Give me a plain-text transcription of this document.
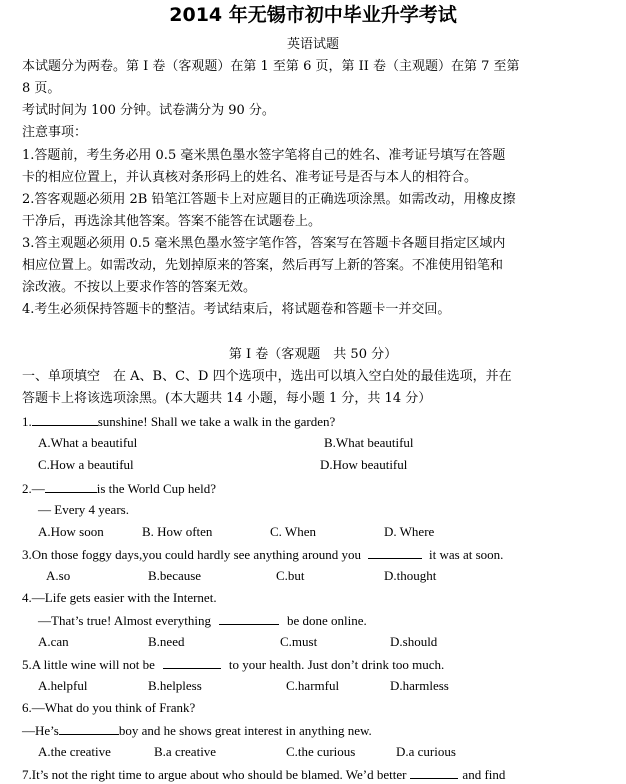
2014 年无锡市初中毕业升学考试
英语试题
本试题分为两卷。第 I 卷（客观题）在第 1 至第 6 页，第 II 卷（主观题）在第 7 至第
8 页。
考试时间为 100 分钟。试卷满分为 90 分。
注意事项：
1.答题前，考生务必用 0.5 毫米黑色墨水签字笔将自己的姓名、准考证号填写在答题
卡的相应位置上，并认真核对条形码上的姓名、准考证号是否与本人的相符合。
2.答客观题必须用 2B 铅笔江答题卡上对应题目的正确选项涂黑。如需改动，用橡皮擦
干净后，再选涂其他答案。答案不能答在试题卷上。
3.答主观题必须用 0.5 毫米黑色墨水签字笔作答，答案写在答题卡各题目指定区域内
相应位置上。如需改动，先划掉原来的答案，然后再写上新的答案。不准使用铅笔和
涂改液。不按以上要求作答的答案无效。
4.考生必须保持答题卡的整洁。考试结束后，将试题卷和答题卡一并交回。
第 I 卷（客观题　共 50 分）
一、单项填空　在 A、B、C、D 四个选项中，选出可以填入空白处的最佳选项，并在
答题卡上将该选项涂黑。(本大题共 14 小题，每小题 1 分，共 14 分）
1.	sunshine! Shall we take a walk in the garden?
A.What a beautiful	B.What beautiful
C.How a beautiful	D.How beautiful
2.—	is the World Cup held?
— Every 4 years.
A.How soon	B. How often	C. When	D. Where
3.On those foggy days,you could hardly see anything around you	it was at soon.
A.so	B.because	C.but	D.thought
4.—Life gets easier with the Internet.
—That’s true! Almost everything	be done online.
A.can	B.need	C.must	D.should
5.A little wine will not be	to your health. Just don’t drink too much.
A.helpful	B.helpless	C.harmful	D.harmless
6.—What do you think of Frank?
—He’s	boy and he shows great interest in anything new.
A.the creative	B.a creative	C.the curious	D.a curious
7.It’s not the right time to argue about who should be blamed. We’d better	and find
